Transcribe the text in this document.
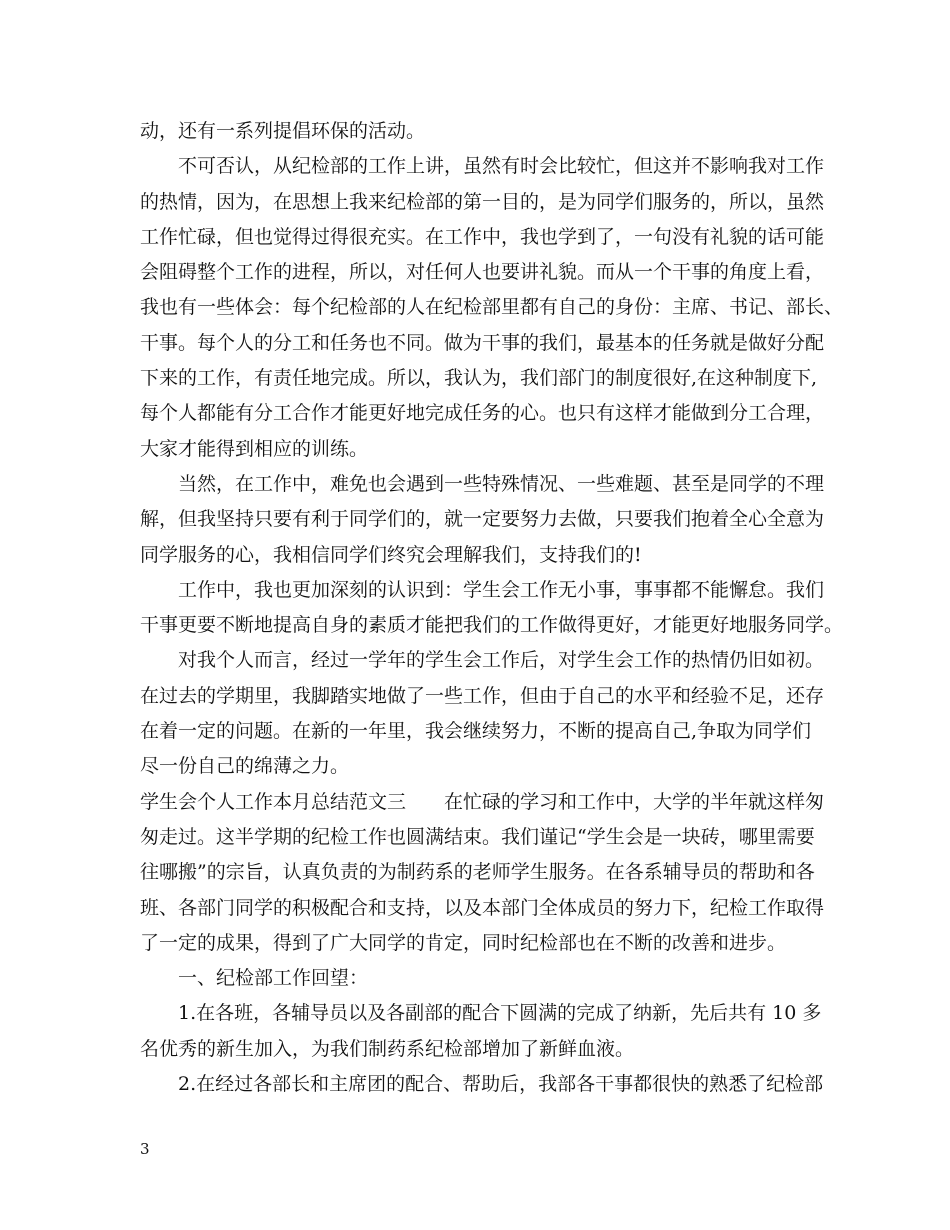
动，还有一系列提倡环保的活动。
不可否认，从纪检部的工作上讲，虽然有时会比较忙，但这并不影响我对工作
的热情，因为，在思想上我来纪检部的第一目的，是为同学们服务的，所以，虽然
工作忙碌，但也觉得过得很充实。在工作中，我也学到了，一句没有礼貌的话可能
会阻碍整个工作的进程，所以，对任何人也要讲礼貌。而从一个干事的角度上看，
我也有一些体会：每个纪检部的人在纪检部里都有自己的身份：主席、书记、部长、
干事。每个人的分工和任务也不同。做为干事的我们，最基本的任务就是做好分配
下来的工作，有责任地完成。所以，我认为，我们部门的制度很好,在这种制度下,
每个人都能有分工合作才能更好地完成任务的心。也只有这样才能做到分工合理，
大家才能得到相应的训练。
当然，在工作中，难免也会遇到一些特殊情况、一些难题、甚至是同学的不理
解，但我坚持只要有利于同学们的，就一定要努力去做，只要我们抱着全心全意为
同学服务的心，我相信同学们终究会理解我们，支持我们的!
工作中，我也更加深刻的认识到：学生会工作无小事，事事都不能懈怠。我们
干事更要不断地提高自身的素质才能把我们的工作做得更好，才能更好地服务同学。
对我个人而言，经过一学年的学生会工作后，对学生会工作的热情仍旧如初。
在过去的学期里，我脚踏实地做了一些工作，但由于自己的水平和经验不足，还存
在着一定的问题。在新的一年里，我会继续努力，不断的提高自己,争取为同学们
尽一份自己的绵薄之力。
学生会个人工作本月总结范文三 在忙碌的学习和工作中，大学的半年就这样匆
匆走过。这半学期的纪检工作也圆满结束。我们谨记“学生会是一块砖，哪里需要
往哪搬”的宗旨，认真负责的为制药系的老师学生服务。在各系辅导员的帮助和各
班、各部门同学的积极配合和支持，以及本部门全体成员的努力下，纪检工作取得
了一定的成果，得到了广大同学的肯定，同时纪检部也在不断的改善和进步。
一、纪检部工作回望：
1.在各班，各辅导员以及各副部的配合下圆满的完成了纳新，先后共有 10 多
名优秀的新生加入，为我们制药系纪检部增加了新鲜血液。
2.在经过各部长和主席团的配合、帮助后，我部各干事都很快的熟悉了纪检部
3
